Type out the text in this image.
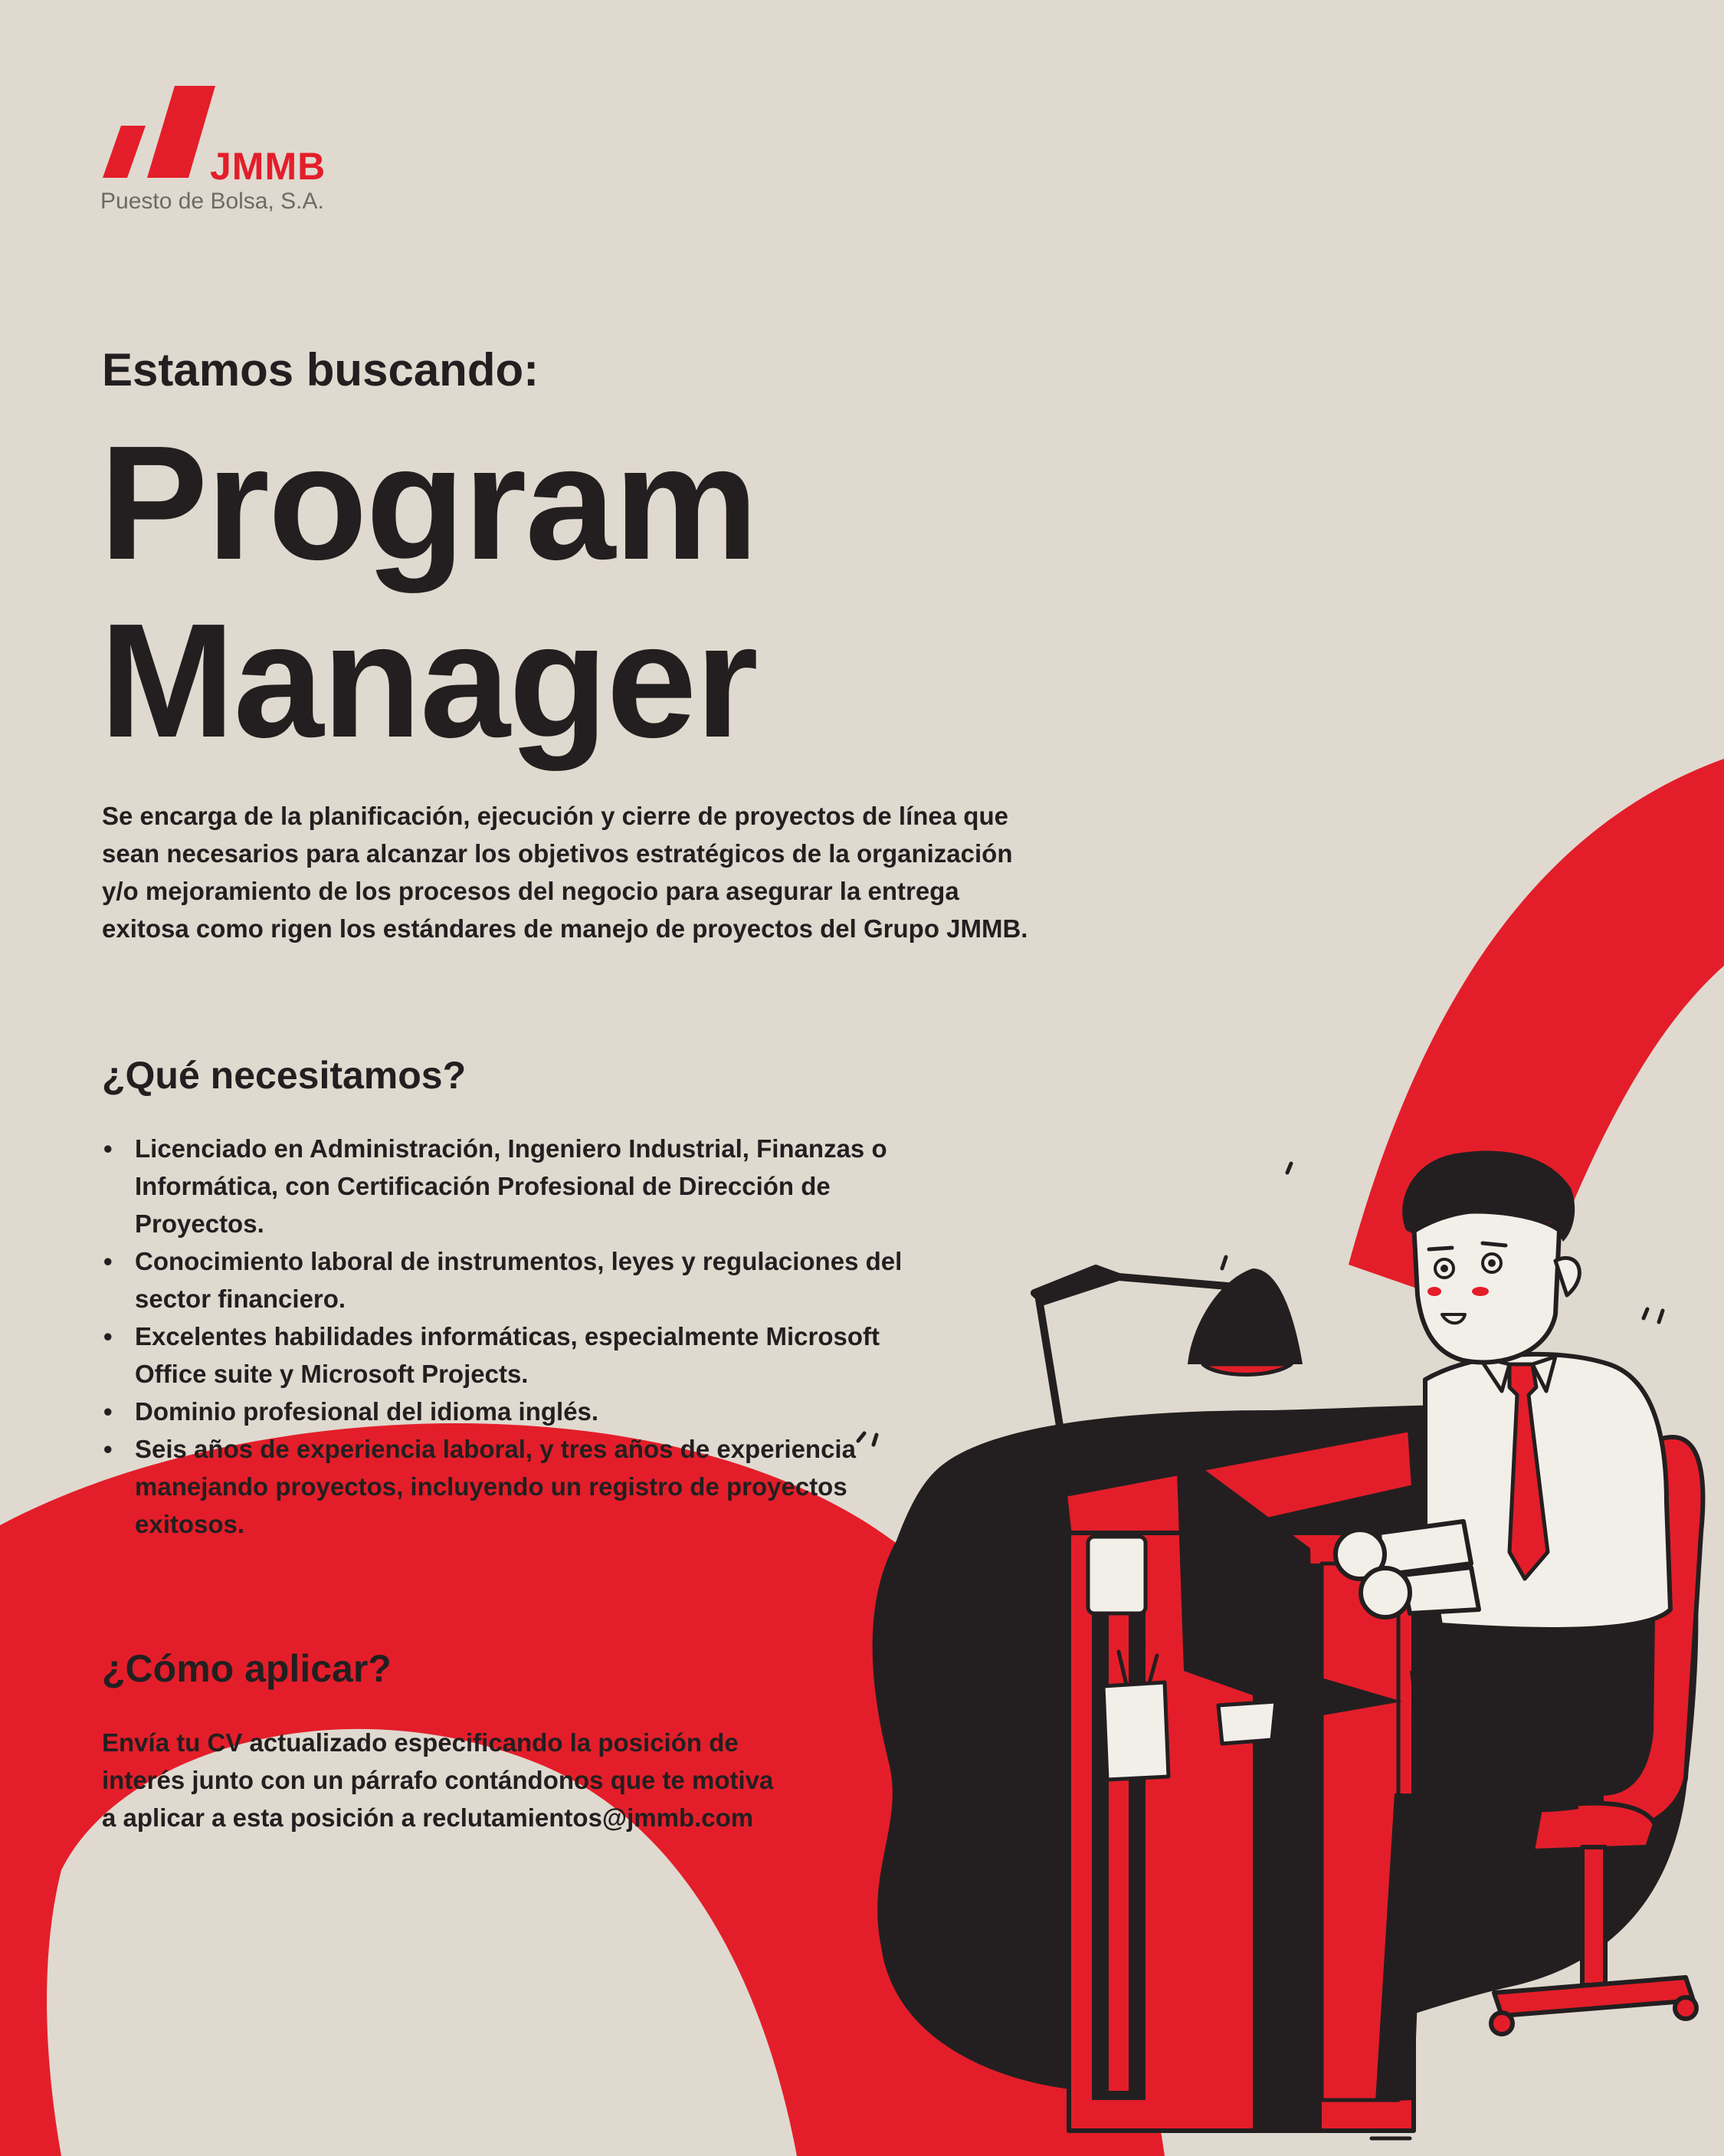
JMMB
Puesto de Bolsa, S.A.
Estamos buscando:
Program
Manager

Se encarga de la planificación, ejecución y cierre de proyectos de línea que sean necesarios para alcanzar los objetivos estratégicos de la organización y/o mejoramiento de los procesos del negocio para asegurar la entrega exitosa como rigen los estándares de manejo de proyectos del Grupo JMMB.

¿Qué necesitamos?
• Licenciado en Administración, Ingeniero Industrial, Finanzas o Informática, con Certificación Profesional de Dirección de Proyectos.
• Conocimiento laboral de instrumentos, leyes y regulaciones del sector financiero.
• Excelentes habilidades informáticas, especialmente Microsoft Office suite y Microsoft Projects.
• Dominio profesional del idioma inglés.
• Seis años de experiencia laboral, y tres años de experiencia manejando proyectos, incluyendo un registro de proyectos exitosos.
¿Cómo aplicar?

Envía tu CV actualizado especificando la posición de interés junto con un párrafo contándonos que te motiva a aplicar a esta posición a reclutamientos@jmmb.com
